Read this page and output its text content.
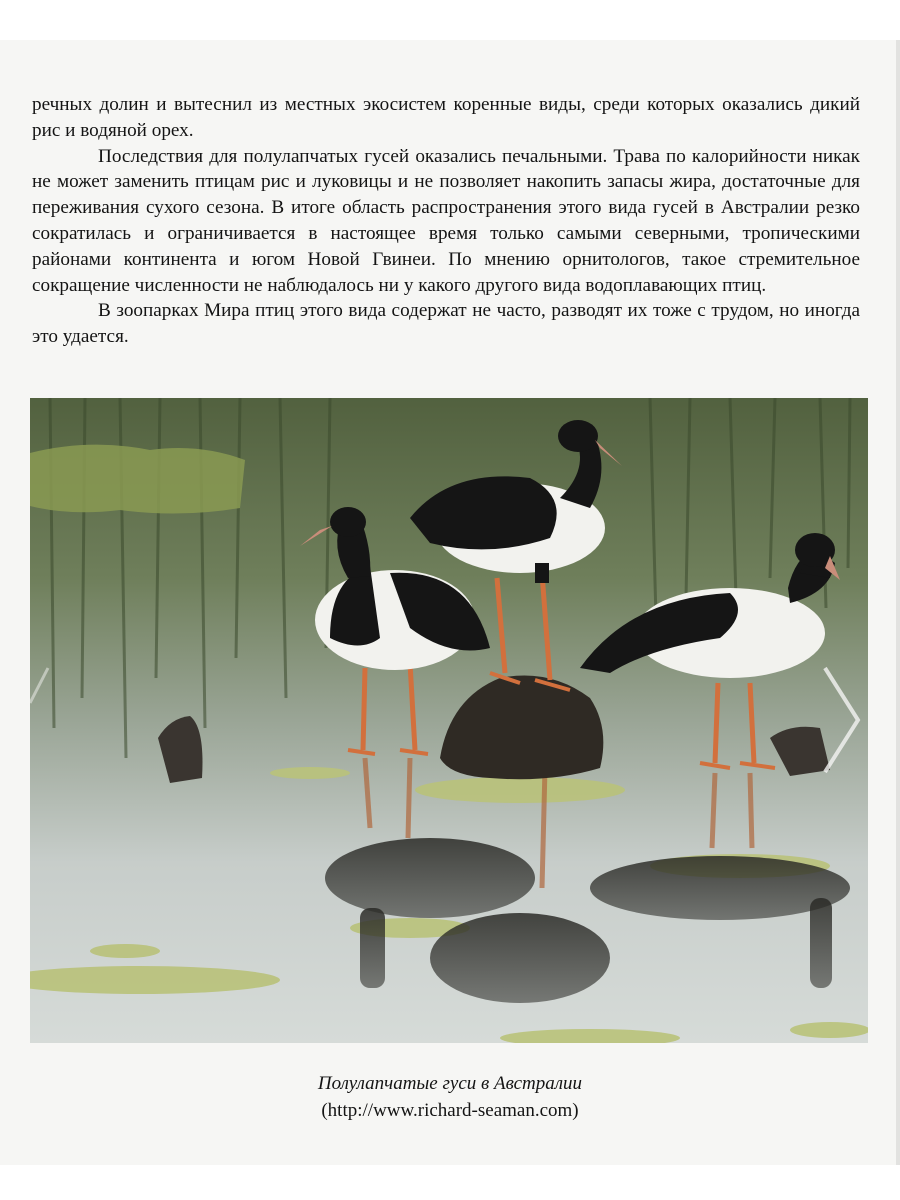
речных долин и вытеснил из местных экосистем коренные виды, среди которых оказались дикий рис и водяной орех.

Последствия для полулапчатых гусей оказались печальными. Трава по калорийности никак не может заменить птицам рис и луковицы и не позволяет накопить запасы жира, достаточные для переживания сухого сезона. В итоге область распространения этого вида гусей в Австралии резко сократилась и ограничивается в настоящее время только самыми северными, тропическими районами континента и югом Новой Гвинеи. По мнению орнитологов, такое стремительное сокращение численности не наблюдалось ни у какого другого вида водоплавающих птиц.

В зоопарках Мира птиц этого вида содержат не часто, разводят их тоже с трудом, но иногда это удается.

Полулапчатые гуси в Австралии
(http://www.richard-seaman.com)
